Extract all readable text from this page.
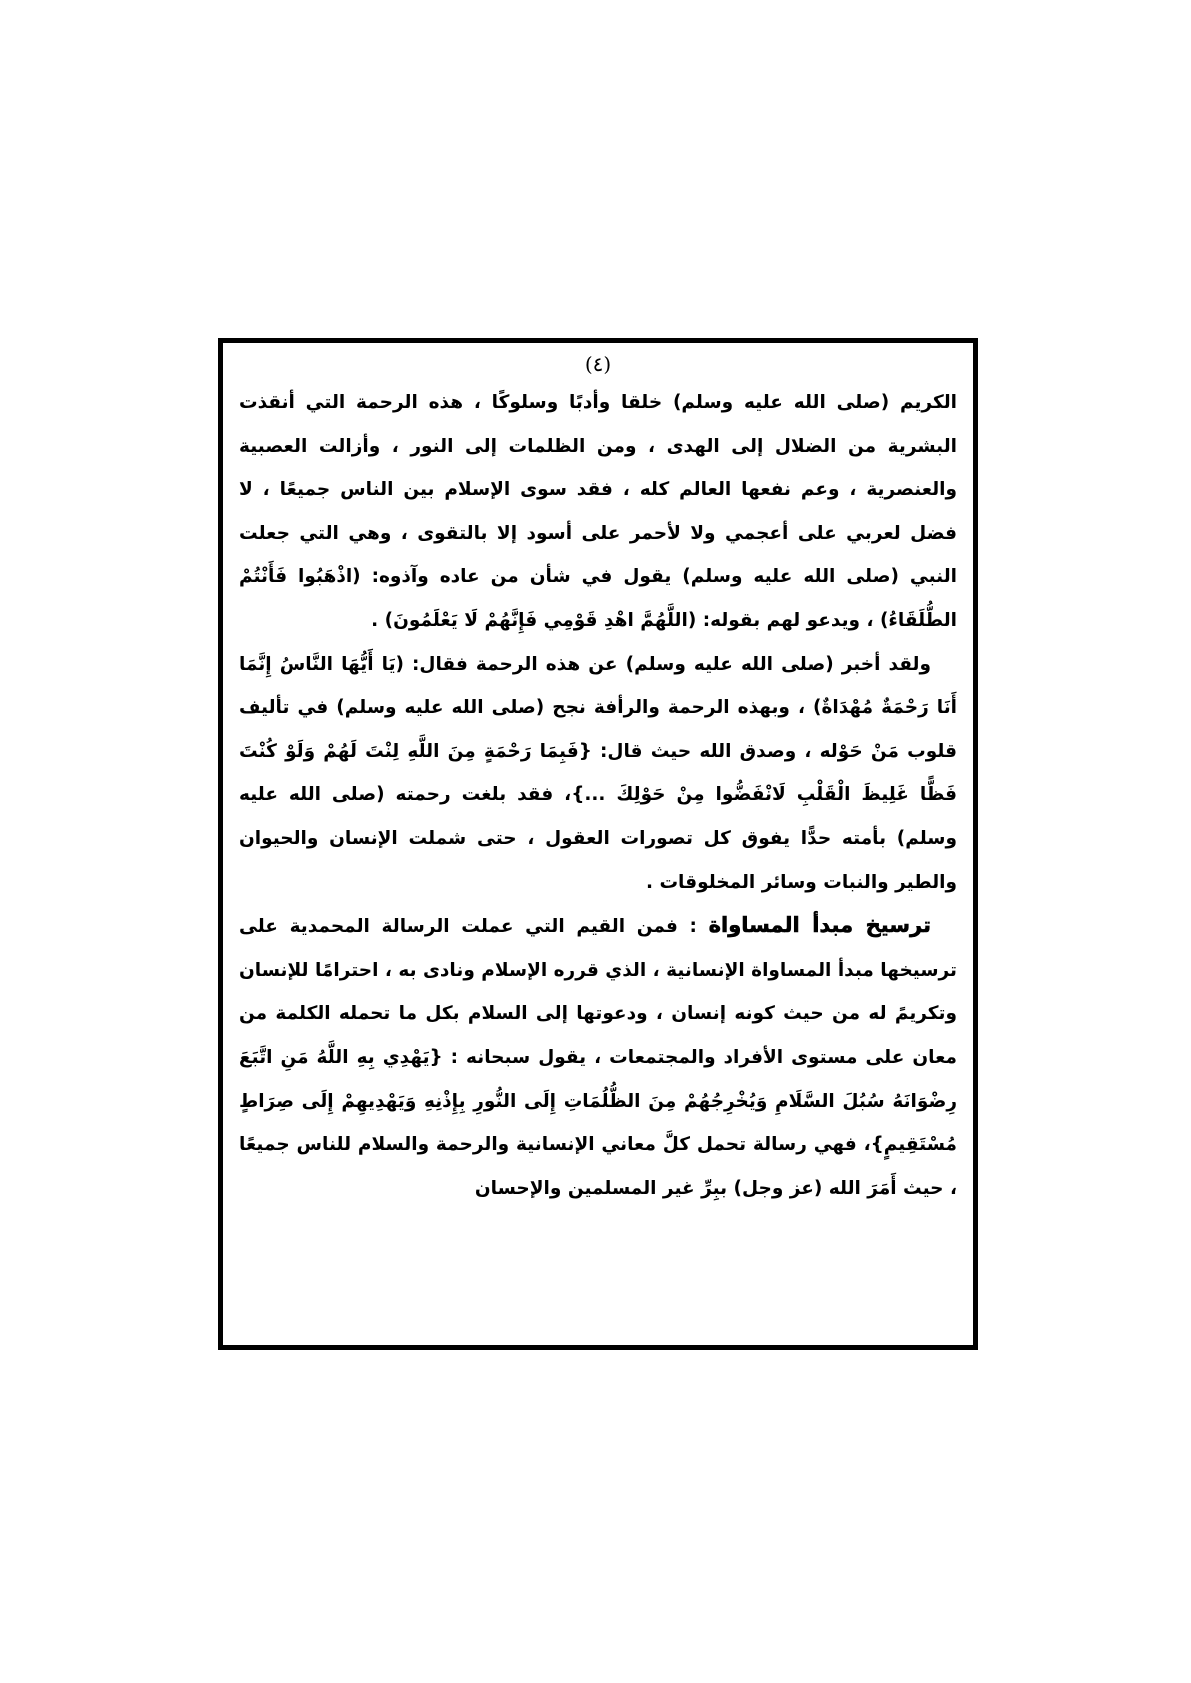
(٤)

الكريم (صلى الله عليه وسلم) خلقا وأدبًا وسلوكًا ، هذه الرحمة التي أنقذت البشرية من الضلال إلى الهدى ، ومن الظلمات إلى النور ، وأزالت العصبية والعنصرية ، وعم نفعها العالم كله ، فقد سوى الإسلام بين الناس جميعًا ، لا فضل لعربي على أعجمي ولا لأحمر على أسود إلا بالتقوى ، وهي التي جعلت النبي (صلى الله عليه وسلم) يقول في شأن من عاده وآذوه: (اذْهَبُوا فَأَنْتُمْ الطُّلَقَاءُ) ، ويدعو لهم بقوله: (اللَّهُمَّ اهْدِ قَوْمِي فَإِنَّهُمْ لَا يَعْلَمُونَ) .

ولقد أخبر (صلى الله عليه وسلم) عن هذه الرحمة فقال: (يَا أَيُّهَا النَّاسُ إِنَّمَا أَنَا رَحْمَةٌ مُهْدَاةٌ) ، وبهذه الرحمة والرأفة نجح (صلى الله عليه وسلم) في تأليف قلوب مَنْ حَوْله ، وصدق الله حيث قال: {فَبِمَا رَحْمَةٍ مِنَ اللَّهِ لِنْتَ لَهُمْ وَلَوْ كُنْتَ فَظًّا غَلِيظَ الْقَلْبِ لَانْفَضُّوا مِنْ حَوْلِكَ ...}، فقد بلغت رحمته (صلى الله عليه وسلم) بأمته حدًّا يفوق كل تصورات العقول ، حتى شملت الإنسان والحيوان والطير والنبات وسائر المخلوقات .

ترسيخ مبدأ المساواة : فمن القيم التي عملت الرسالة المحمدية على ترسيخها مبدأ المساواة الإنسانية ، الذي قرره الإسلام ونادى به ، احترامًا للإنسان وتكريمً له من حيث كونه إنسان ، ودعوتها إلى السلام بكل ما تحمله الكلمة من معان على مستوى الأفراد والمجتمعات ، يقول سبحانه : {يَهْدِي بِهِ اللَّهُ مَنِ اتَّبَعَ رِضْوَانَهُ سُبُلَ السَّلَامِ وَيُخْرِجُهُمْ مِنَ الظُّلُمَاتِ إِلَى النُّورِ بِإِذْنِهِ وَيَهْدِيهِمْ إِلَى صِرَاطٍ مُسْتَقِيمٍ}، فهي رسالة تحمل كلَّ معاني الإنسانية والرحمة والسلام للناس جميعًا ، حيث أَمَرَ الله (عز وجل) ببِرِّ غير المسلمين والإحسان
